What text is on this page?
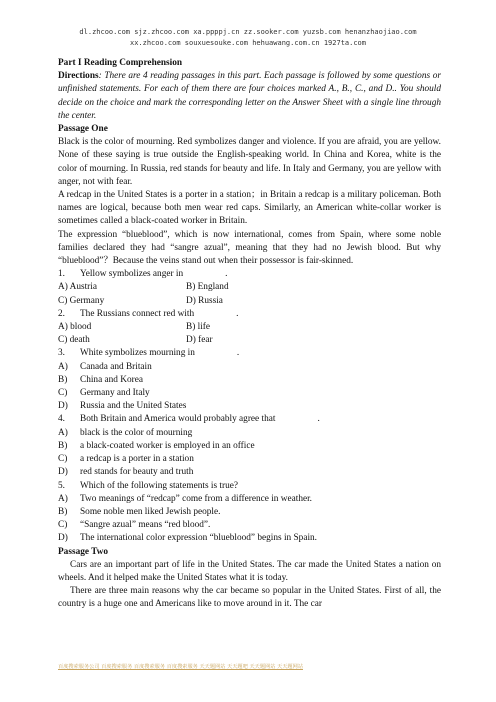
dl.zhcoo.com sjz.zhcoo.com xa.ppppj.cn zz.sooker.com yuzsb.com henanzhaojiao.com
xx.zhcoo.com souxuesouke.com hehuawang.com.cn 1927ta.com

Part I Reading Comprehension

Directions: There are 4 reading passages in this part. Each passage is followed by some questions or unfinished statements. For each of them there are four choices marked A., B., C., and D.. You should decide on the choice and mark the corresponding letter on the Answer Sheet with a single line through the center.

Passage One

Black is the color of mourning. Red symbolizes danger and violence. If you are afraid, you are yellow. None of these saying is true outside the English-speaking world. In China and Korea, white is the color of mourning. In Russia, red stands for beauty and life. In Italy and Germany, you are yellow with anger, not with fear.

A redcap in the United States is a porter in a station；in Britain a redcap is a military policeman. Both names are logical, because both men wear red caps. Similarly, an American white-collar worker is sometimes called a black-coated worker in Britain.

The expression “blueblood”, which is now international, comes from Spain, where some noble families declared they had “sangre azual”, meaning that they had no Jewish blood. But why “blueblood”？Because the veins stand out when their possessor is fair-skinned.

1.	Yellow symbolizes anger in	.
A) Austria	B) England
C) Germany	D) Russia
2.	The Russians connect red with	.
A) blood	B) life
C) death	D) fear
3.	White symbolizes mourning in	.
A)	Canada and Britain
B)	China and Korea
C)	Germany and Italy
D)	Russia and the United States
4.	Both Britain and America would probably agree that	.
A)	black is the color of mourning
B)	a black-coated worker is employed in an office
C)	a redcap is a porter in a station
D)	red stands for beauty and truth
5.	Which of the following statements is true?
A)	Two meanings of “redcap” come from a difference in weather.
B)	Some noble men liked Jewish people.
C)	“Sangre azual” means “red blood”.
D)	The international color expression “blueblood” begins in Spain.

Passage Two

Cars are an important part of life in the United States. The car made the United States a nation on wheels. And it helped make the United States what it is today.

There are three main reasons why the car became so popular in the United States. First of all, the country is a huge one and Americans like to move around in it. The car

百度搜索服务公司 百度搜索服务 百度搜索服务 百度搜索服务 天天题网站 天天题吧 天天题网站 天天题网站
